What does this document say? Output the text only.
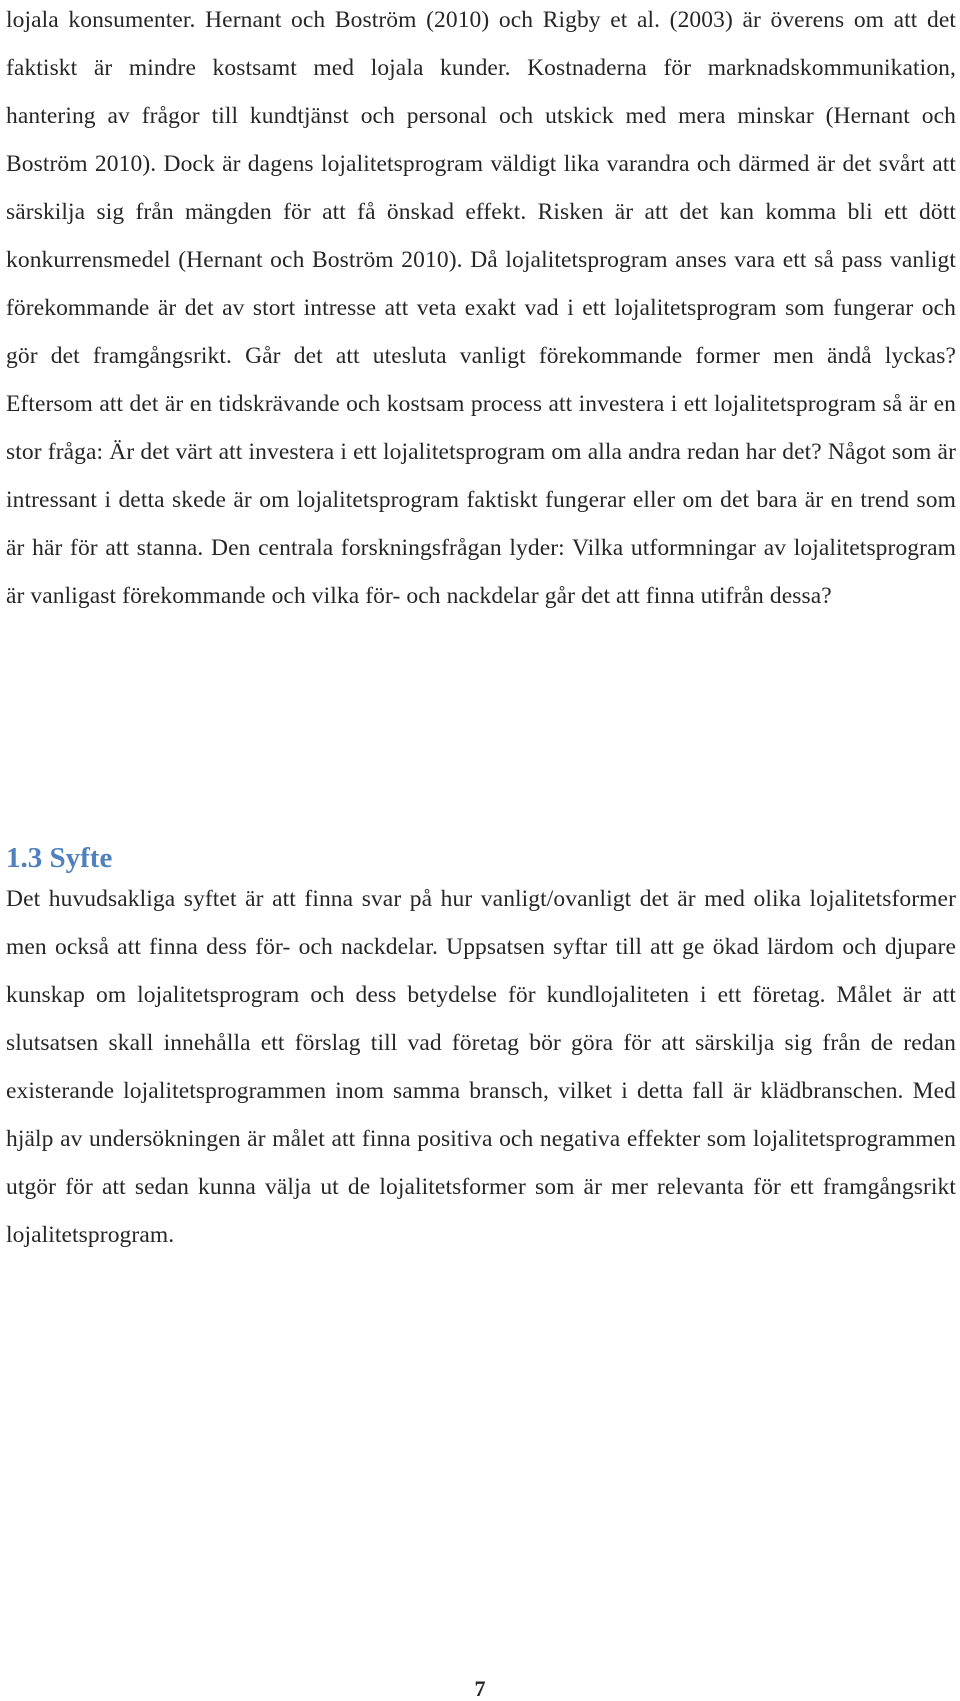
lojala konsumenter. Hernant och Boström (2010) och Rigby et al. (2003) är överens om att det faktiskt är mindre kostsamt med lojala kunder. Kostnaderna för marknadskommunikation, hantering av frågor till kundtjänst och personal och utskick med mera minskar (Hernant och Boström 2010). Dock är dagens lojalitetsprogram väldigt lika varandra och därmed är det svårt att särskilja sig från mängden för att få önskad effekt. Risken är att det kan komma bli ett dött konkurrensmedel (Hernant och Boström 2010). Då lojalitetsprogram anses vara ett så pass vanligt förekommande är det av stort intresse att veta exakt vad i ett lojalitetsprogram som fungerar och gör det framgångsrikt. Går det att utesluta vanligt förekommande former men ändå lyckas? Eftersom att det är en tidskrävande och kostsam process att investera i ett lojalitetsprogram så är en stor fråga: Är det värt att investera i ett lojalitetsprogram om alla andra redan har det? Något som är intressant i detta skede är om lojalitetsprogram faktiskt fungerar eller om det bara är en trend som är här för att stanna. Den centrala forskningsfrågan lyder: Vilka utformningar av lojalitetsprogram är vanligast förekommande och vilka för- och nackdelar går det att finna utifrån dessa?

1.3 Syfte

Det huvudsakliga syftet är att finna svar på hur vanligt/ovanligt det är med olika lojalitetsformer men också att finna dess för- och nackdelar. Uppsatsen syftar till att ge ökad lärdom och djupare kunskap om lojalitetsprogram och dess betydelse för kundlojaliteten i ett företag. Målet är att slutsatsen skall innehålla ett förslag till vad företag bör göra för att särskilja sig från de redan existerande lojalitetsprogrammen inom samma bransch, vilket i detta fall är klädbranschen. Med hjälp av undersökningen är målet att finna positiva och negativa effekter som lojalitetsprogrammen utgör för att sedan kunna välja ut de lojalitetsformer som är mer relevanta för ett framgångsrikt lojalitetsprogram.

7
